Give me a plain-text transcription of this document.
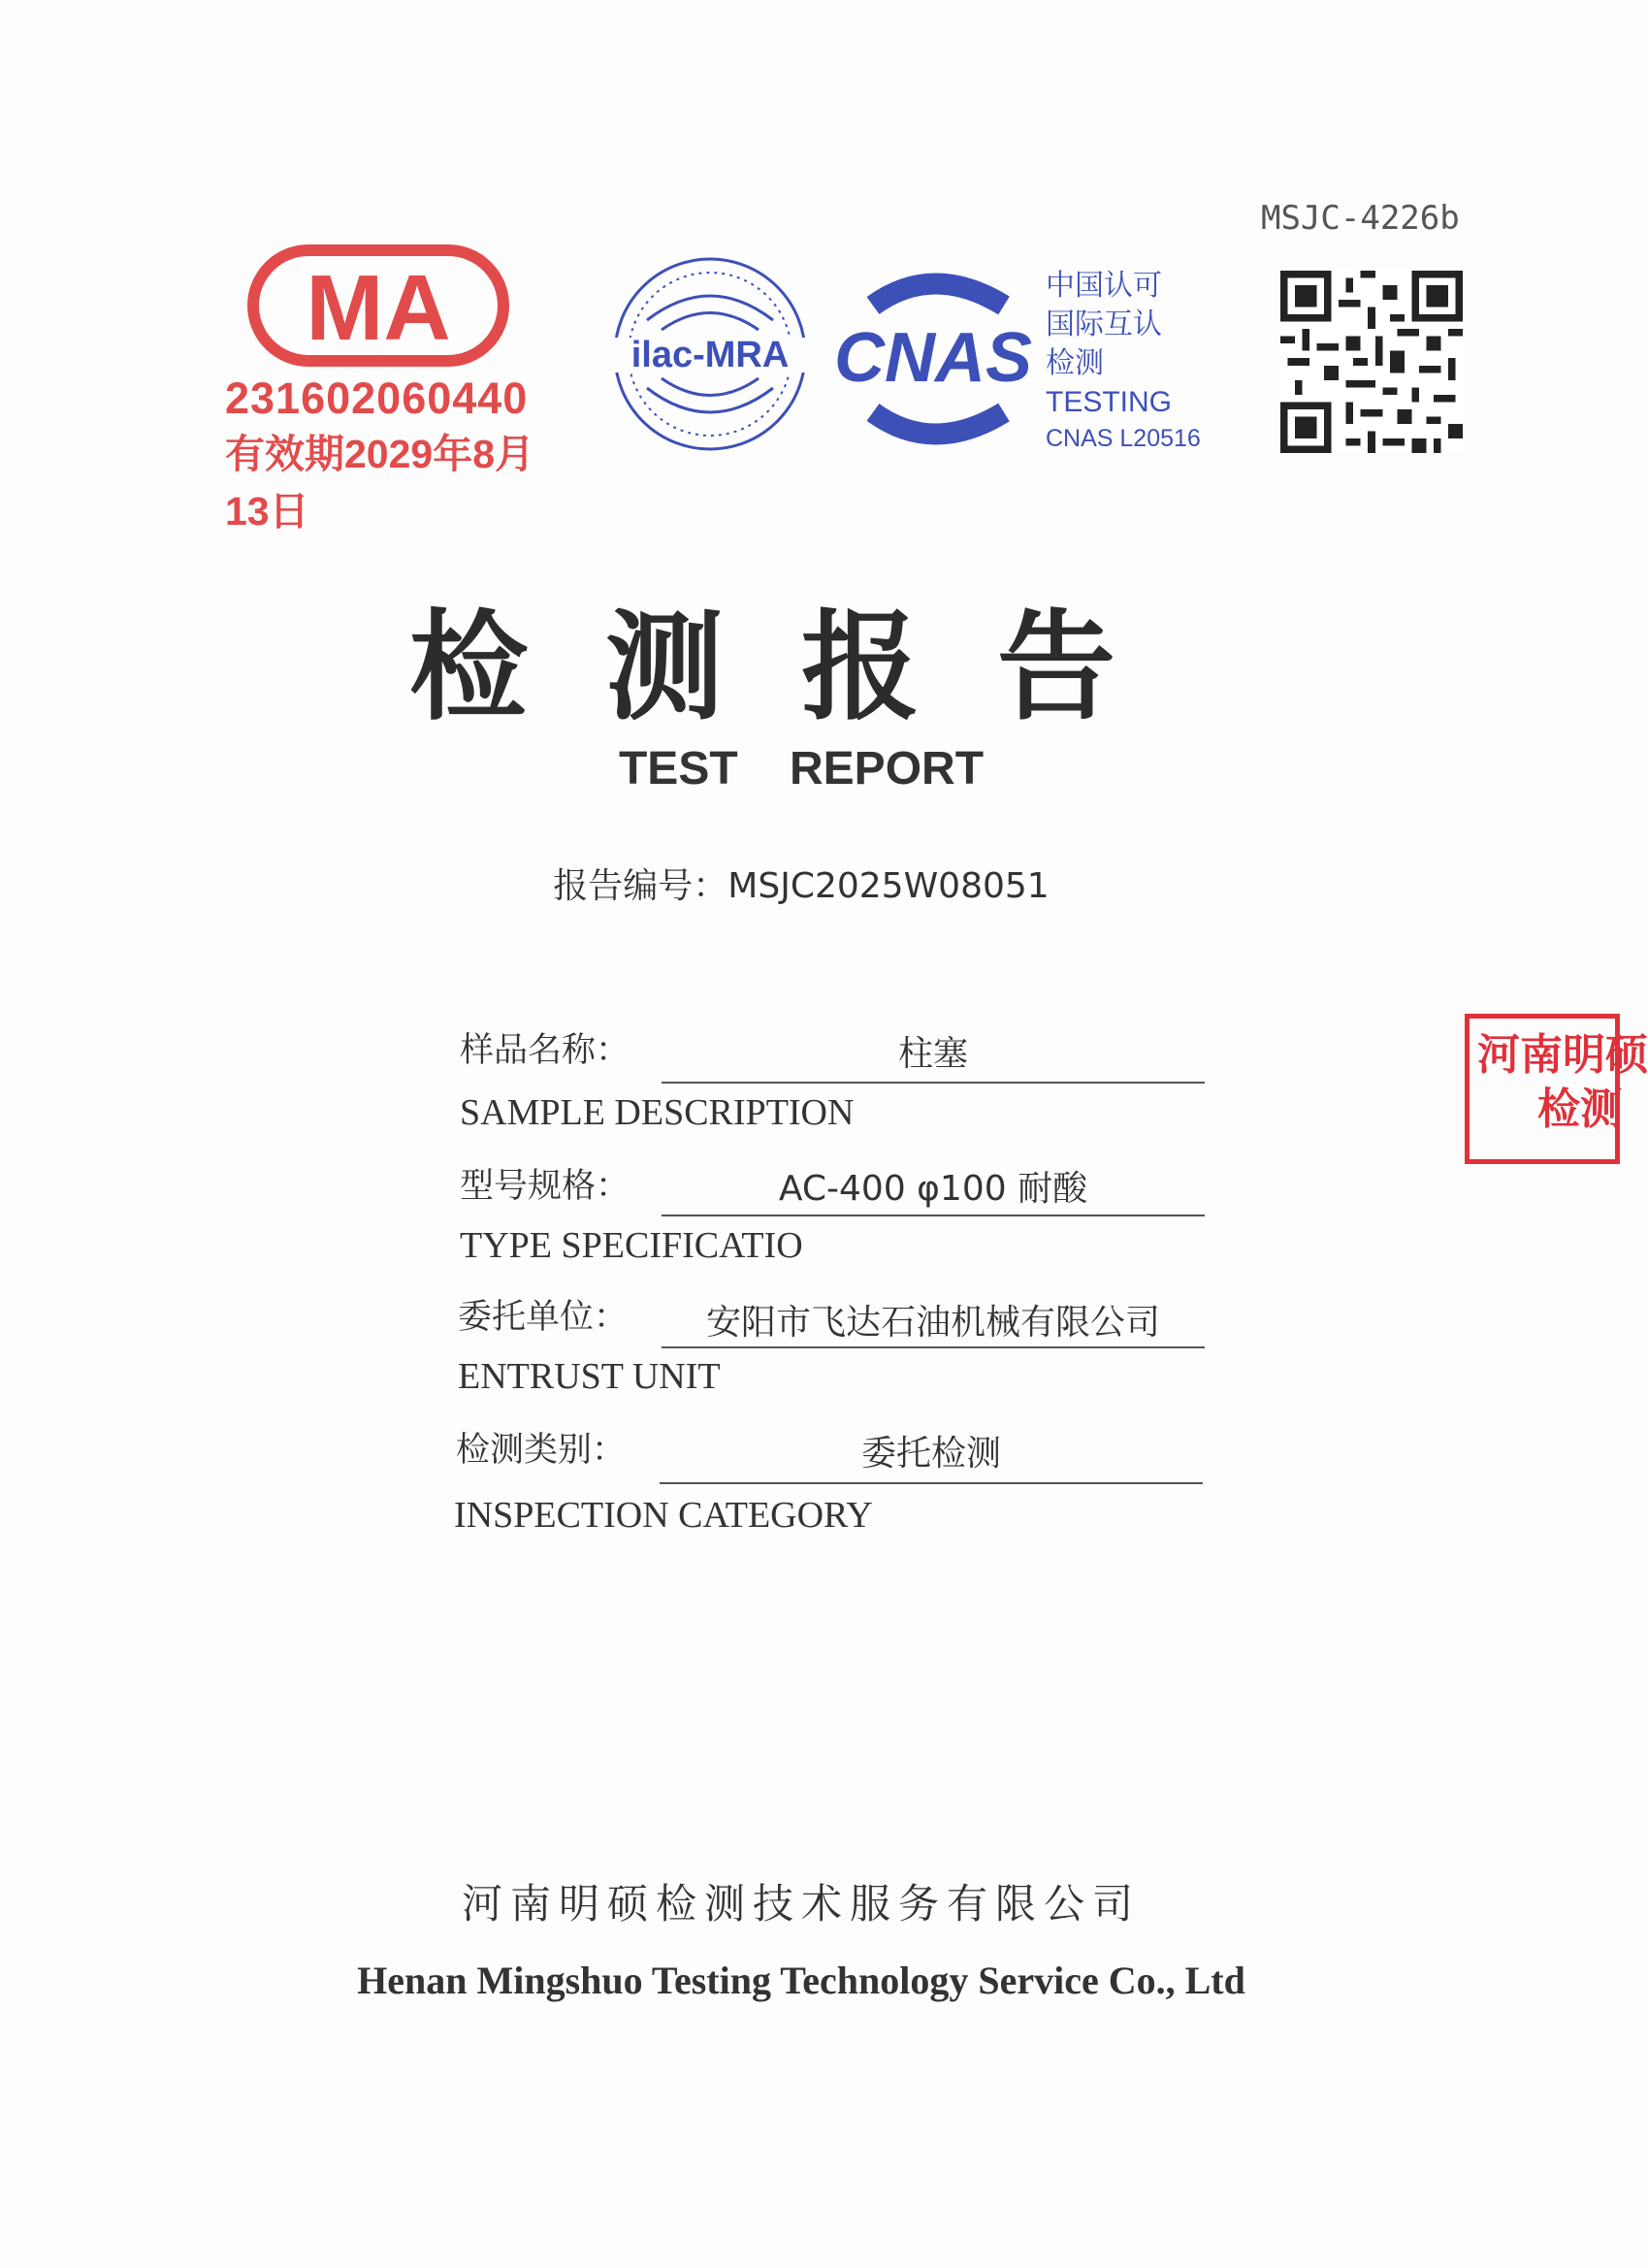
MSJC-4226b
MA
231602060440
有效期2029年8月13日
ilac-MRA CNAS
中国认可
国际互认
检测
TESTING
CNAS L20516
检测报告
TEST REPORT
报告编号：MSJC2025W08051
样品名称：	柱塞
SAMPLE DESCRIPTION
型号规格：	AC-400 φ100 耐酸
TYPE SPECIFICATIO
委托单位：	安阳市飞达石油机械有限公司
ENTRUST UNIT
检测类别：	委托检测
INSPECTION CATEGORY
河南明硕
检测
河南明硕检测技术服务有限公司
Henan Mingshuo Testing Technology Service Co., Ltd
